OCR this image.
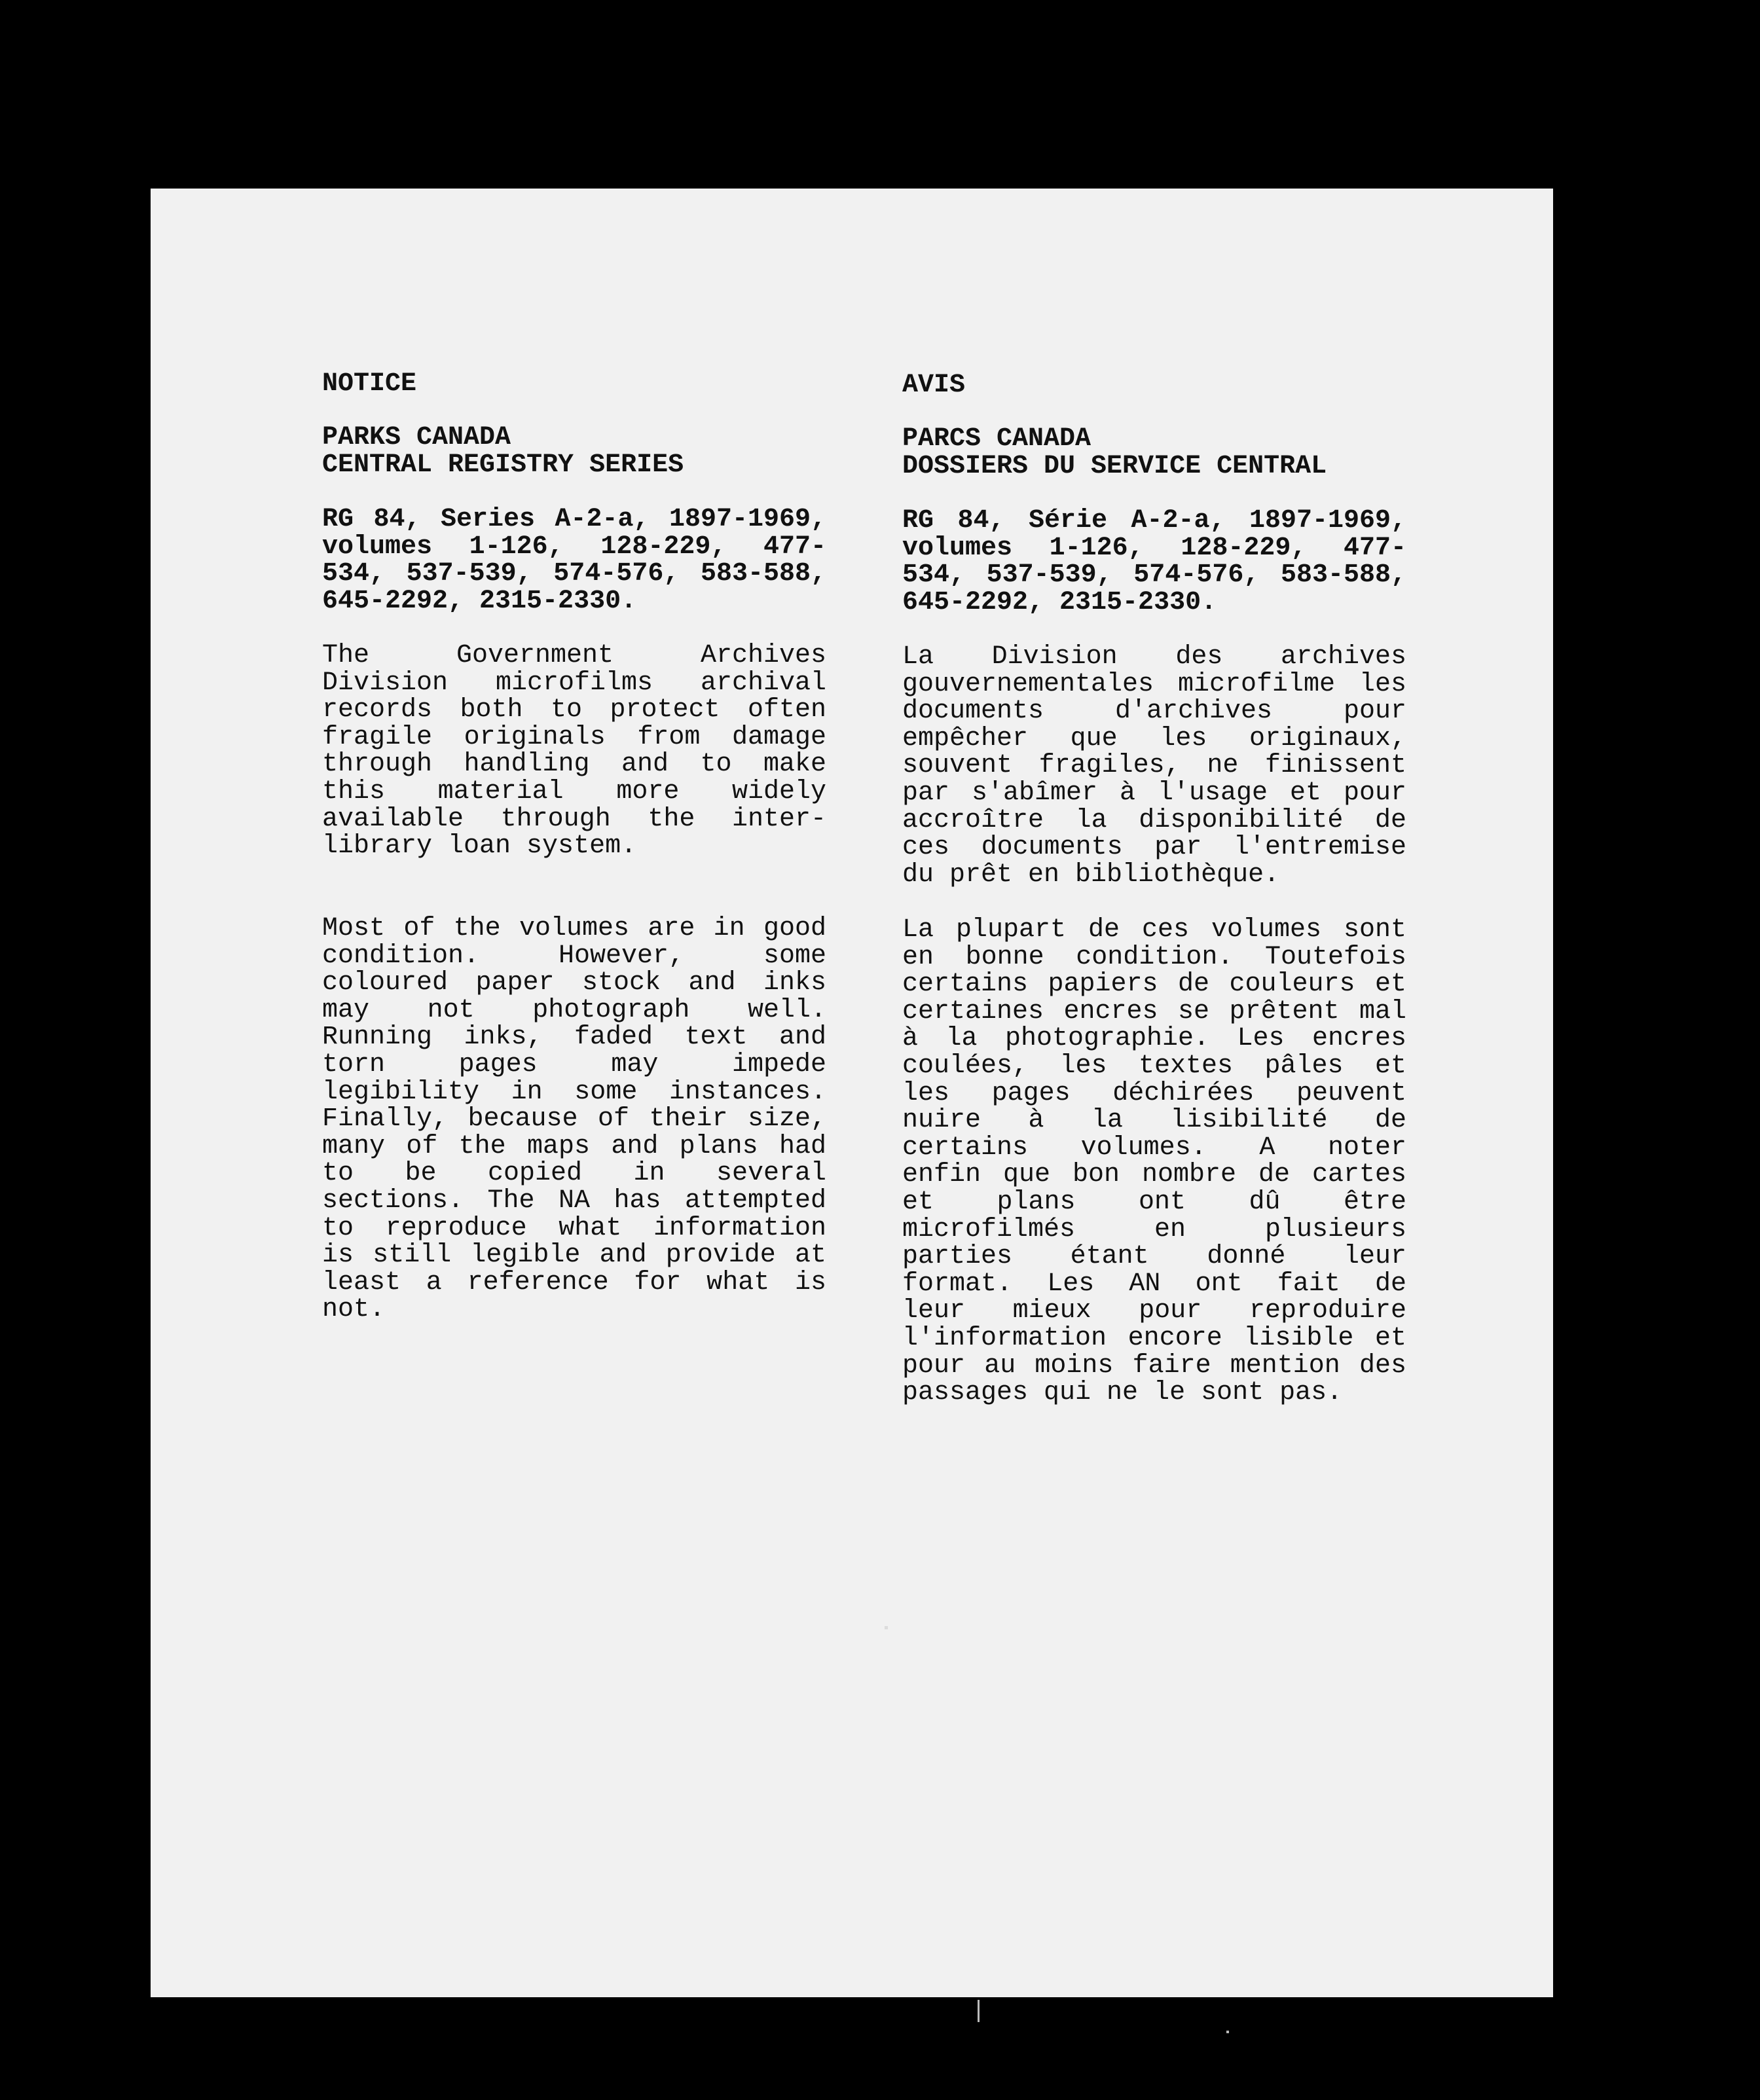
NOTICE
PARKS CANADA
CENTRAL REGISTRY SERIES
RG 84, Series A-2-a, 1897-1969,
volumes 1-126, 128-229, 477-
534, 537-539, 574-576, 583-588,
645-2292, 2315-2330.
The Government Archives
Division microfilms archival
records both to protect often
fragile originals from damage
through handling and to make
this material more widely
available through the inter-
library loan system.
Most of the volumes are in good
condition. However, some
coloured paper stock and inks
may not photograph well.
Running inks, faded text and
torn pages may impede
legibility in some instances.
Finally, because of their size,
many of the maps and plans had
to be copied in several
sections. The NA has attempted
to reproduce what information
is still legible and provide at
least a reference for what is
not.
AVIS
PARCS CANADA
DOSSIERS DU SERVICE CENTRAL
RG 84, Série A-2-a, 1897-1969,
volumes 1-126, 128-229, 477-
534, 537-539, 574-576, 583-588,
645-2292, 2315-2330.
La Division des archives
gouvernementales microfilme les
documents d'archives pour
empêcher que les originaux,
souvent fragiles, ne finissent
par s'abîmer à l'usage et pour
accroître la disponibilité de
ces documents par l'entremise
du prêt en bibliothèque.
La plupart de ces volumes sont
en bonne condition. Toutefois
certains papiers de couleurs et
certaines encres se prêtent mal
à la photographie. Les encres
coulées, les textes pâles et
les pages déchirées peuvent
nuire à la lisibilité de
certains volumes. A noter
enfin que bon nombre de cartes
et plans ont dû être
microfilmés en plusieurs
parties étant donné leur
format. Les AN ont fait de
leur mieux pour reproduire
l'information encore lisible et
pour au moins faire mention des
passages qui ne le sont pas.
